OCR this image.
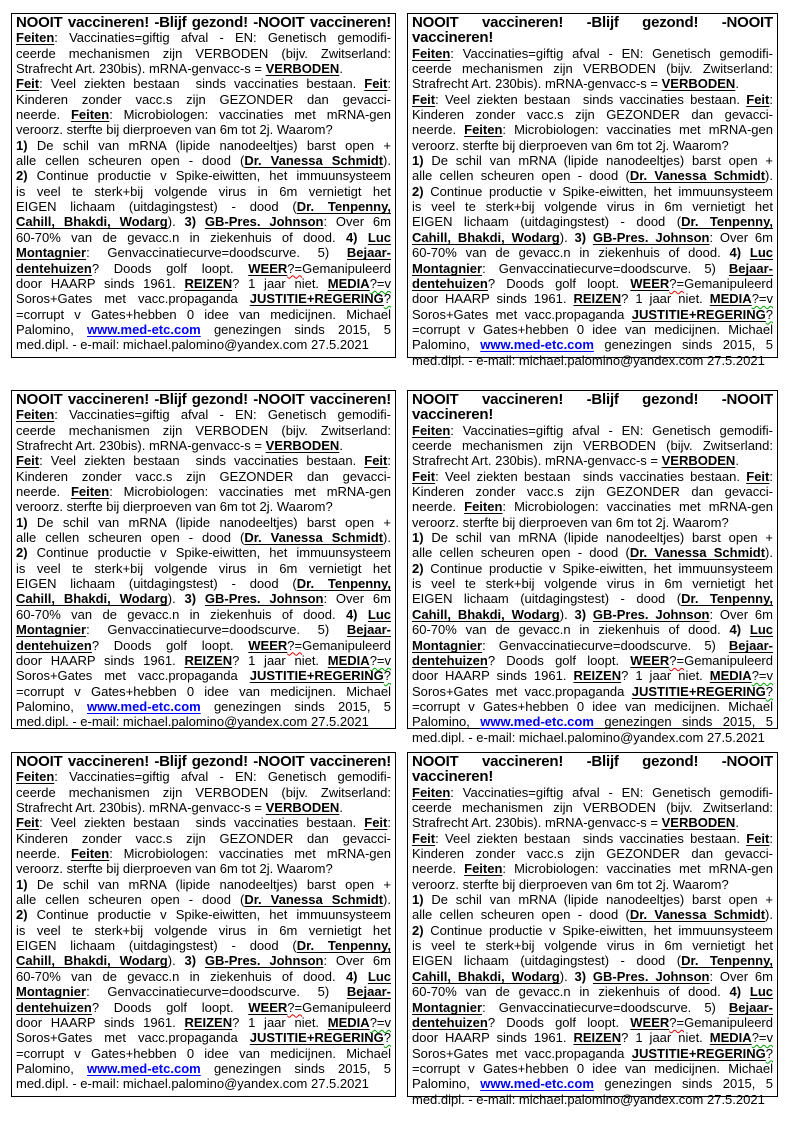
NOOIT vaccineren! -Blijf gezond! -NOOIT vaccineren!
Feiten: Vaccinaties=giftig afval - EN: Genetisch gemodifi-
ceerde mechanismen zijn VERBODEN (bijv. Zwitserland:
Strafrecht Art. 230bis). mRNA-genvacc-s = VERBODEN.
Feit: Veel ziekten bestaan  sinds vaccinaties bestaan. Feit:
Kinderen zonder vacc.s zijn GEZONDER dan gevacci-
neerde. Feiten: Microbiologen: vaccinaties met mRNA-gen
veroorz. sterfte bij dierproeven van 6m tot 2j. Waarom?
1) De schil van mRNA (lipide nanodeeltjes) barst open +
alle cellen scheuren open - dood (Dr. Vanessa Schmidt).
2) Continue productie v Spike-eiwitten, het immuunsysteem
is veel te sterk+bij volgende virus in 6m vernietigt het
EIGEN lichaam (uitdagingstest) - dood (Dr. Tenpenny,
Cahill, Bhakdi, Wodarg). 3) GB-Pres. Johnson: Over 6m
60-70% van de gevacc.n in ziekenhuis of dood. 4) Luc
Montagnier: Genvaccinatiecurve=doodscurve. 5) Bejaar-
dentehuizen? Doods golf loopt. WEER?=Gemanipuleerd
door HAARP sinds 1961. REIZEN? 1 jaar niet. MEDIA?=v
Soros+Gates met vacc.propaganda JUSTITIE+REGERING?
=corrupt v Gates+hebben 0 idee van medicijnen. Michael
Palomino, www.med-etc.com genezingen sinds 2015, 5
med.dipl. - e-mail: michael.palomino@yandex.com 27.5.2021
NOOIT vaccineren! -Blijf gezond! -NOOIT vaccineren!
Feiten: Vaccinaties=giftig afval - EN: Genetisch gemodifi-
ceerde mechanismen zijn VERBODEN (bijv. Zwitserland:
Strafrecht Art. 230bis). mRNA-genvacc-s = VERBODEN.
Feit: Veel ziekten bestaan  sinds vaccinaties bestaan. Feit:
Kinderen zonder vacc.s zijn GEZONDER dan gevacci-
neerde. Feiten: Microbiologen: vaccinaties met mRNA-gen
veroorz. sterfte bij dierproeven van 6m tot 2j. Waarom?
1) De schil van mRNA (lipide nanodeeltjes) barst open +
alle cellen scheuren open - dood (Dr. Vanessa Schmidt).
2) Continue productie v Spike-eiwitten, het immuunsysteem
is veel te sterk+bij volgende virus in 6m vernietigt het
EIGEN lichaam (uitdagingstest) - dood (Dr. Tenpenny,
Cahill, Bhakdi, Wodarg). 3) GB-Pres. Johnson: Over 6m
60-70% van de gevacc.n in ziekenhuis of dood. 4) Luc
Montagnier: Genvaccinatiecurve=doodscurve. 5) Bejaar-
dentehuizen? Doods golf loopt. WEER?=Gemanipuleerd
door HAARP sinds 1961. REIZEN? 1 jaar niet. MEDIA?=v
Soros+Gates met vacc.propaganda JUSTITIE+REGERING?
=corrupt v Gates+hebben 0 idee van medicijnen. Michael
Palomino, www.med-etc.com genezingen sinds 2015, 5
med.dipl. - e-mail: michael.palomino@yandex.com 27.5.2021
NOOIT vaccineren! -Blijf gezond! -NOOIT vaccineren!
Feiten: Vaccinaties=giftig afval - EN: Genetisch gemodifi-
ceerde mechanismen zijn VERBODEN (bijv. Zwitserland:
Strafrecht Art. 230bis). mRNA-genvacc-s = VERBODEN.
Feit: Veel ziekten bestaan  sinds vaccinaties bestaan. Feit:
Kinderen zonder vacc.s zijn GEZONDER dan gevacci-
neerde. Feiten: Microbiologen: vaccinaties met mRNA-gen
veroorz. sterfte bij dierproeven van 6m tot 2j. Waarom?
1) De schil van mRNA (lipide nanodeeltjes) barst open +
alle cellen scheuren open - dood (Dr. Vanessa Schmidt).
2) Continue productie v Spike-eiwitten, het immuunsysteem
is veel te sterk+bij volgende virus in 6m vernietigt het
EIGEN lichaam (uitdagingstest) - dood (Dr. Tenpenny,
Cahill, Bhakdi, Wodarg). 3) GB-Pres. Johnson: Over 6m
60-70% van de gevacc.n in ziekenhuis of dood. 4) Luc
Montagnier: Genvaccinatiecurve=doodscurve. 5) Bejaar-
dentehuizen? Doods golf loopt. WEER?=Gemanipuleerd
door HAARP sinds 1961. REIZEN? 1 jaar niet. MEDIA?=v
Soros+Gates met vacc.propaganda JUSTITIE+REGERING?
=corrupt v Gates+hebben 0 idee van medicijnen. Michael
Palomino, www.med-etc.com genezingen sinds 2015, 5
med.dipl. - e-mail: michael.palomino@yandex.com 27.5.2021
NOOIT vaccineren! -Blijf gezond! -NOOIT vaccineren!
Feiten: Vaccinaties=giftig afval - EN: Genetisch gemodifi-
ceerde mechanismen zijn VERBODEN (bijv. Zwitserland:
Strafrecht Art. 230bis). mRNA-genvacc-s = VERBODEN.
Feit: Veel ziekten bestaan  sinds vaccinaties bestaan. Feit:
Kinderen zonder vacc.s zijn GEZONDER dan gevacci-
neerde. Feiten: Microbiologen: vaccinaties met mRNA-gen
veroorz. sterfte bij dierproeven van 6m tot 2j. Waarom?
1) De schil van mRNA (lipide nanodeeltjes) barst open +
alle cellen scheuren open - dood (Dr. Vanessa Schmidt).
2) Continue productie v Spike-eiwitten, het immuunsysteem
is veel te sterk+bij volgende virus in 6m vernietigt het
EIGEN lichaam (uitdagingstest) - dood (Dr. Tenpenny,
Cahill, Bhakdi, Wodarg). 3) GB-Pres. Johnson: Over 6m
60-70% van de gevacc.n in ziekenhuis of dood. 4) Luc
Montagnier: Genvaccinatiecurve=doodscurve. 5) Bejaar-
dentehuizen? Doods golf loopt. WEER?=Gemanipuleerd
door HAARP sinds 1961. REIZEN? 1 jaar niet. MEDIA?=v
Soros+Gates met vacc.propaganda JUSTITIE+REGERING?
=corrupt v Gates+hebben 0 idee van medicijnen. Michael
Palomino, www.med-etc.com genezingen sinds 2015, 5
med.dipl. - e-mail: michael.palomino@yandex.com 27.5.2021
NOOIT vaccineren! -Blijf gezond! -NOOIT vaccineren!
Feiten: Vaccinaties=giftig afval - EN: Genetisch gemodifi-
ceerde mechanismen zijn VERBODEN (bijv. Zwitserland:
Strafrecht Art. 230bis). mRNA-genvacc-s = VERBODEN.
Feit: Veel ziekten bestaan  sinds vaccinaties bestaan. Feit:
Kinderen zonder vacc.s zijn GEZONDER dan gevacci-
neerde. Feiten: Microbiologen: vaccinaties met mRNA-gen
veroorz. sterfte bij dierproeven van 6m tot 2j. Waarom?
1) De schil van mRNA (lipide nanodeeltjes) barst open +
alle cellen scheuren open - dood (Dr. Vanessa Schmidt).
2) Continue productie v Spike-eiwitten, het immuunsysteem
is veel te sterk+bij volgende virus in 6m vernietigt het
EIGEN lichaam (uitdagingstest) - dood (Dr. Tenpenny,
Cahill, Bhakdi, Wodarg). 3) GB-Pres. Johnson: Over 6m
60-70% van de gevacc.n in ziekenhuis of dood. 4) Luc
Montagnier: Genvaccinatiecurve=doodscurve. 5) Bejaar-
dentehuizen? Doods golf loopt. WEER?=Gemanipuleerd
door HAARP sinds 1961. REIZEN? 1 jaar niet. MEDIA?=v
Soros+Gates met vacc.propaganda JUSTITIE+REGERING?
=corrupt v Gates+hebben 0 idee van medicijnen. Michael
Palomino, www.med-etc.com genezingen sinds 2015, 5
med.dipl. - e-mail: michael.palomino@yandex.com 27.5.2021
NOOIT vaccineren! -Blijf gezond! -NOOIT vaccineren!
Feiten: Vaccinaties=giftig afval - EN: Genetisch gemodifi-
ceerde mechanismen zijn VERBODEN (bijv. Zwitserland:
Strafrecht Art. 230bis). mRNA-genvacc-s = VERBODEN.
Feit: Veel ziekten bestaan  sinds vaccinaties bestaan. Feit:
Kinderen zonder vacc.s zijn GEZONDER dan gevacci-
neerde. Feiten: Microbiologen: vaccinaties met mRNA-gen
veroorz. sterfte bij dierproeven van 6m tot 2j. Waarom?
1) De schil van mRNA (lipide nanodeeltjes) barst open +
alle cellen scheuren open - dood (Dr. Vanessa Schmidt).
2) Continue productie v Spike-eiwitten, het immuunsysteem
is veel te sterk+bij volgende virus in 6m vernietigt het
EIGEN lichaam (uitdagingstest) - dood (Dr. Tenpenny,
Cahill, Bhakdi, Wodarg). 3) GB-Pres. Johnson: Over 6m
60-70% van de gevacc.n in ziekenhuis of dood. 4) Luc
Montagnier: Genvaccinatiecurve=doodscurve. 5) Bejaar-
dentehuizen? Doods golf loopt. WEER?=Gemanipuleerd
door HAARP sinds 1961. REIZEN? 1 jaar niet. MEDIA?=v
Soros+Gates met vacc.propaganda JUSTITIE+REGERING?
=corrupt v Gates+hebben 0 idee van medicijnen. Michael
Palomino, www.med-etc.com genezingen sinds 2015, 5
med.dipl. - e-mail: michael.palomino@yandex.com 27.5.2021
